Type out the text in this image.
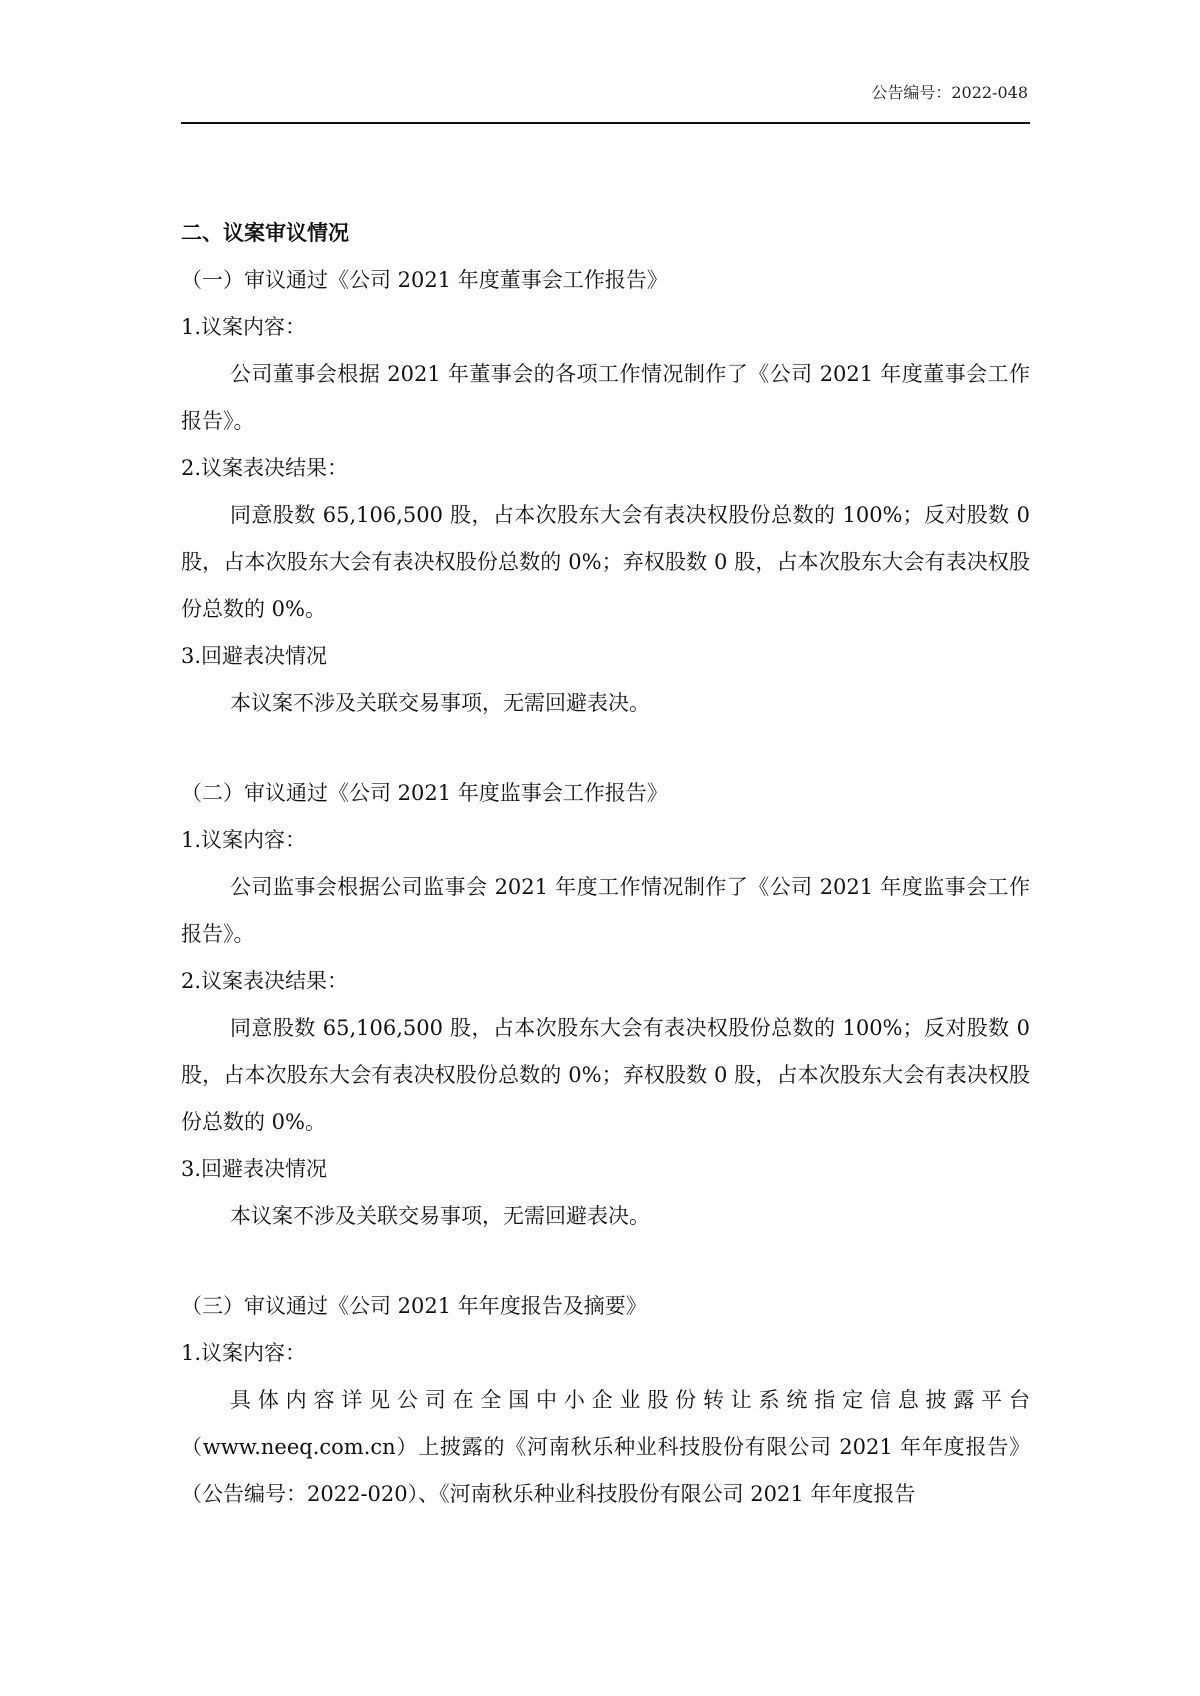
公告编号：2022-048
二、议案审议情况
（一）审议通过《公司 2021 年度董事会工作报告》
1.议案内容：
公司董事会根据 2021 年董事会的各项工作情况制作了《公司 2021 年度董事会工作报告》。
2.议案表决结果：
同意股数 65,106,500 股，占本次股东大会有表决权股份总数的 100%；反对股数 0 股，占本次股东大会有表决权股份总数的 0%；弃权股数 0 股，占本次股东大会有表决权股份总数的 0%。
3.回避表决情况
本议案不涉及关联交易事项，无需回避表决。
（二）审议通过《公司 2021 年度监事会工作报告》
1.议案内容：
公司监事会根据公司监事会 2021 年度工作情况制作了《公司 2021 年度监事会工作报告》。
2.议案表决结果：
同意股数 65,106,500 股，占本次股东大会有表决权股份总数的 100%；反对股数 0 股，占本次股东大会有表决权股份总数的 0%；弃权股数 0 股，占本次股东大会有表决权股份总数的 0%。
3.回避表决情况
本议案不涉及关联交易事项，无需回避表决。
（三）审议通过《公司 2021 年年度报告及摘要》
1.议案内容：
具体内容详见公司在全国中小企业股份转让系统指定信息披露平台（www.neeq.com.cn）上披露的《河南秋乐种业科技股份有限公司 2021 年年度报告》（公告编号：2022-020）、《河南秋乐种业科技股份有限公司 2021 年年度报告
